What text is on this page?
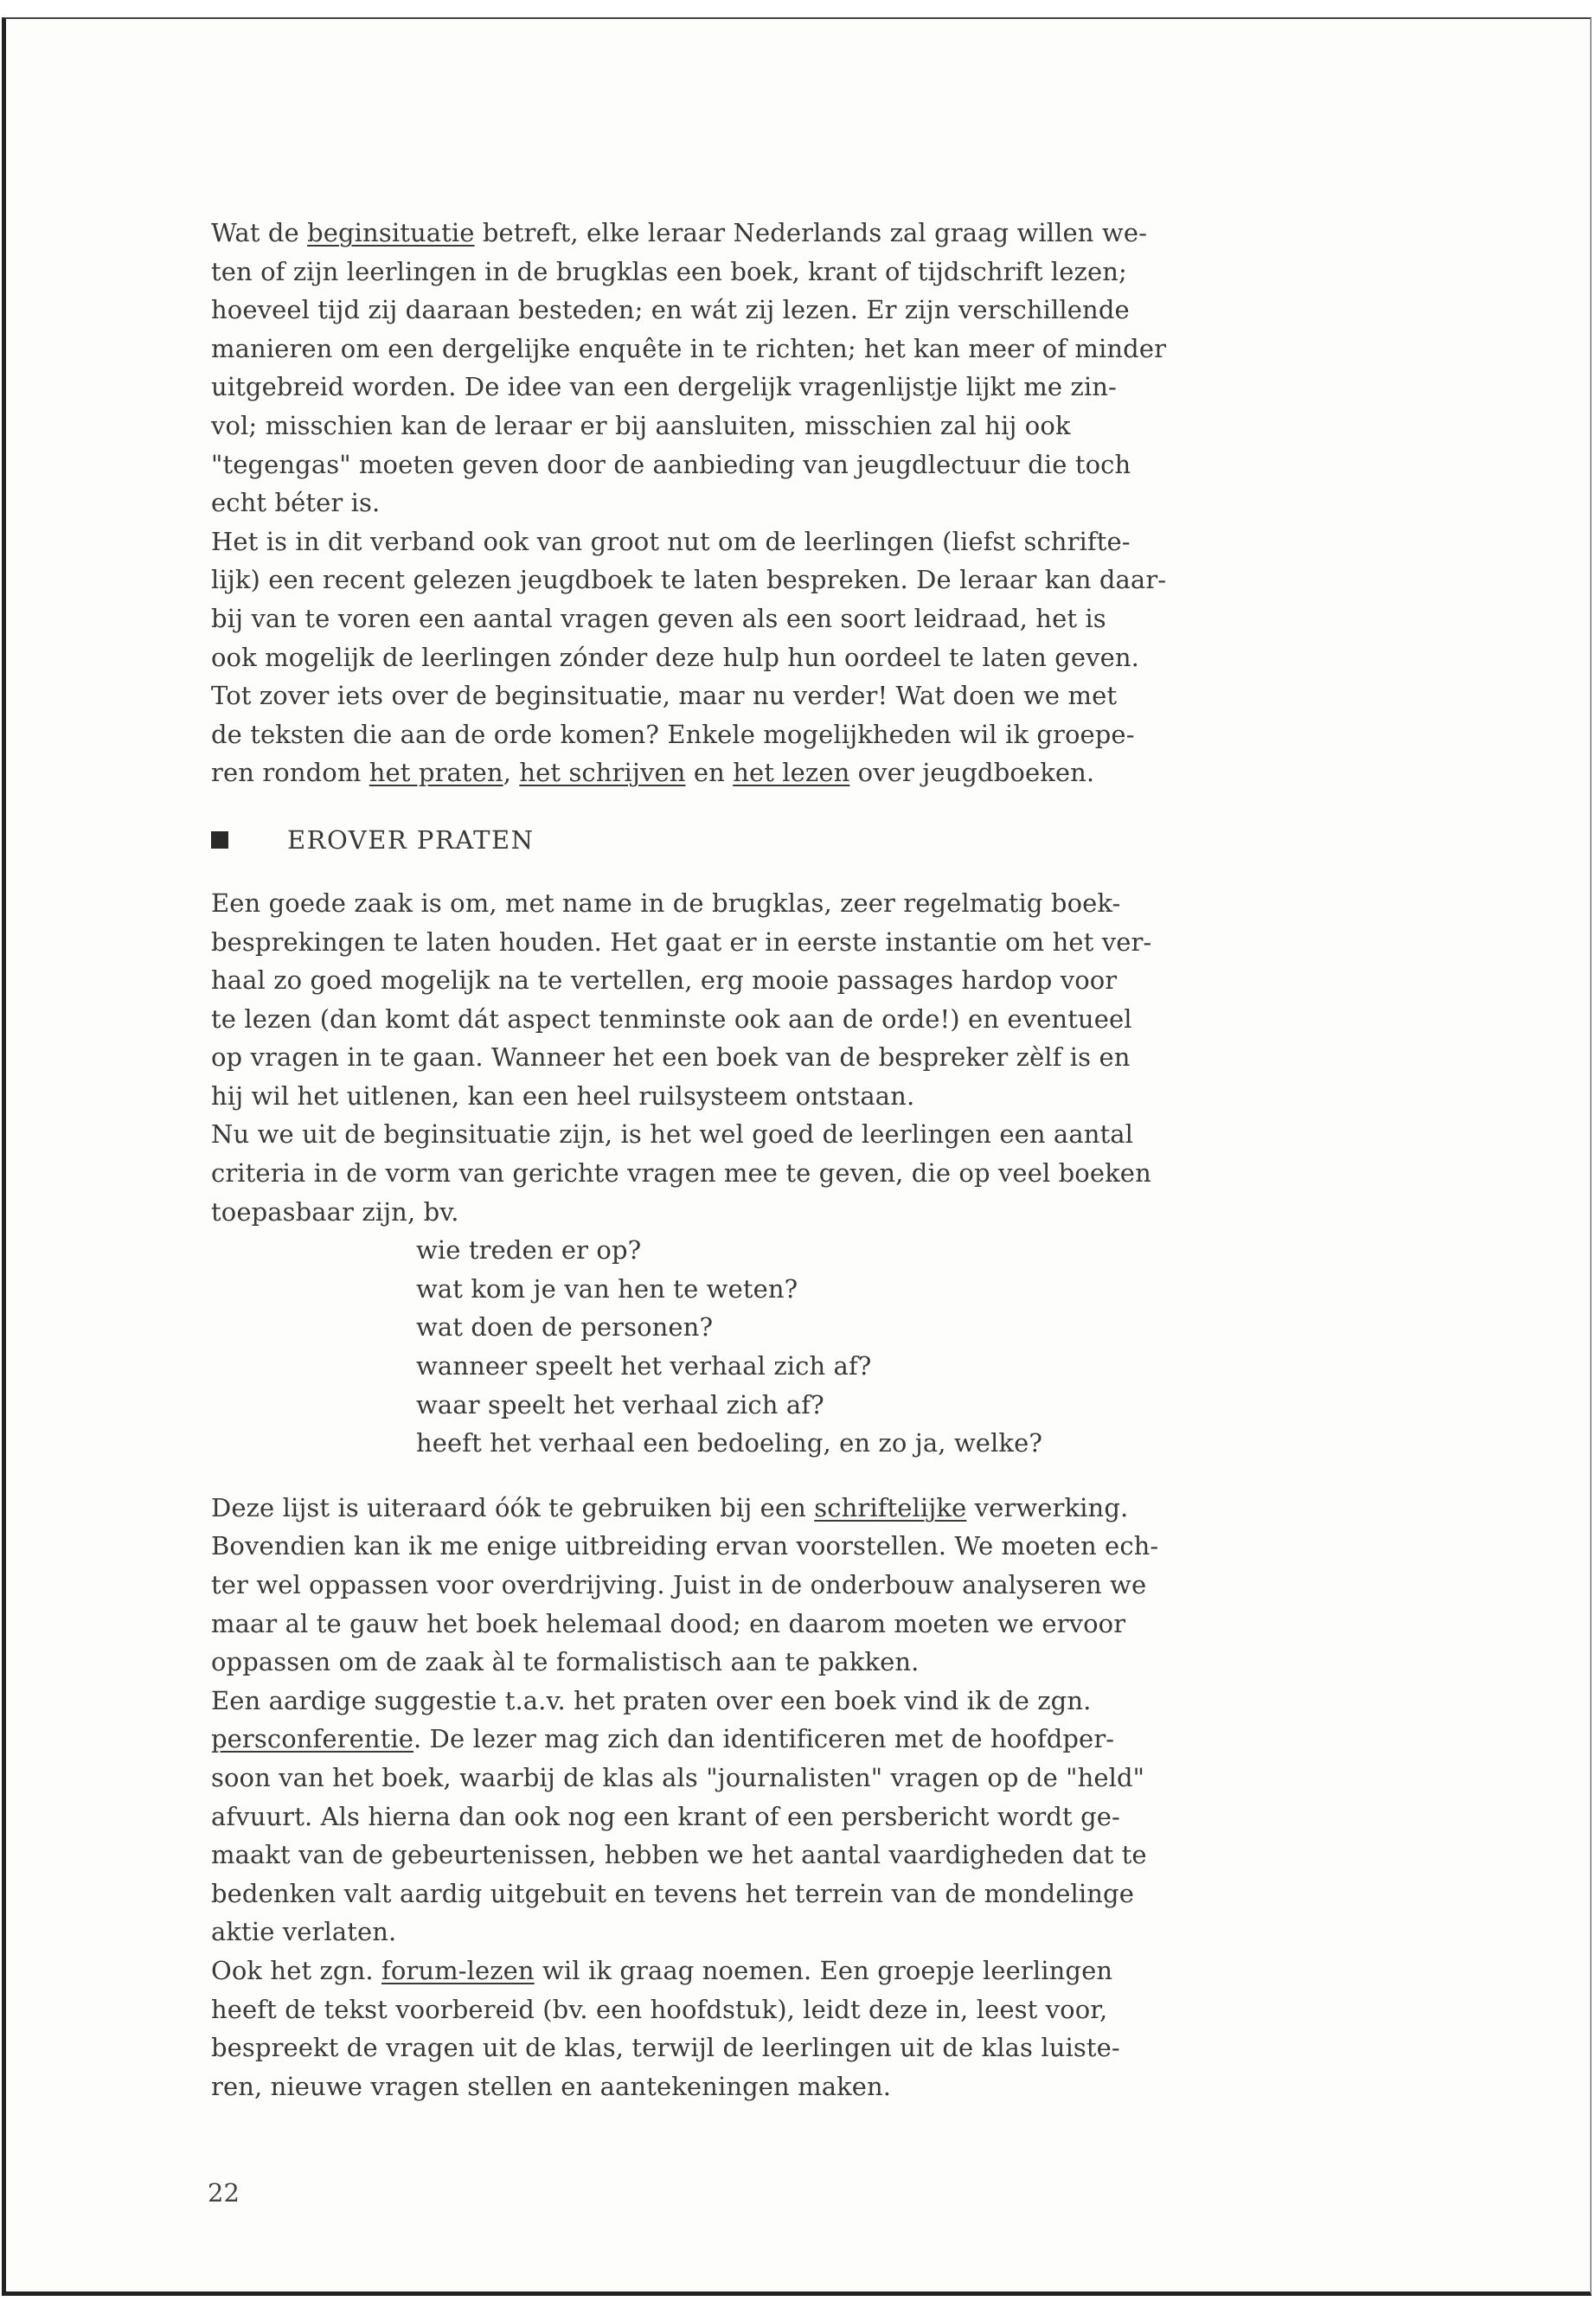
Wat de beginsituatie betreft, elke leraar Nederlands zal graag willen we-
ten of zijn leerlingen in de brugklas een boek, krant of tijdschrift lezen;
hoeveel tijd zij daaraan besteden; en wát zij lezen. Er zijn verschillende
manieren om een dergelijke enquête in te richten; het kan meer of minder
uitgebreid worden. De idee van een dergelijk vragenlijstje lijkt me zin-
vol; misschien kan de leraar er bij aansluiten, misschien zal hij ook
"tegengas" moeten geven door de aanbieding van jeugdlectuur die toch
echt béter is.
Het is in dit verband ook van groot nut om de leerlingen (liefst schrifte-
lijk) een recent gelezen jeugdboek te laten bespreken. De leraar kan daar-
bij van te voren een aantal vragen geven als een soort leidraad, het is
ook mogelijk de leerlingen zónder deze hulp hun oordeel te laten geven.
Tot zover iets over de beginsituatie, maar nu verder! Wat doen we met
de teksten die aan de orde komen? Enkele mogelijkheden wil ik groepe-
ren rondom het praten, het schrijven en het lezen over jeugdboeken.

EROVER PRATEN

Een goede zaak is om, met name in de brugklas, zeer regelmatig boek-
besprekingen te laten houden. Het gaat er in eerste instantie om het ver-
haal zo goed mogelijk na te vertellen, erg mooie passages hardop voor
te lezen (dan komt dát aspect tenminste ook aan de orde!) en eventueel
op vragen in te gaan. Wanneer het een boek van de bespreker zèlf is en
hij wil het uitlenen, kan een heel ruilsysteem ontstaan.
Nu we uit de beginsituatie zijn, is het wel goed de leerlingen een aantal
criteria in de vorm van gerichte vragen mee te geven, die op veel boeken
toepasbaar zijn, bv.

wie treden er op?
wat kom je van hen te weten?
wat doen de personen?
wanneer speelt het verhaal zich af?
waar speelt het verhaal zich af?
heeft het verhaal een bedoeling, en zo ja, welke?

Deze lijst is uiteraard óók te gebruiken bij een schriftelijke verwerking.
Bovendien kan ik me enige uitbreiding ervan voorstellen. We moeten ech-
ter wel oppassen voor overdrijving. Juist in de onderbouw analyseren we
maar al te gauw het boek helemaal dood; en daarom moeten we ervoor
oppassen om de zaak àl te formalistisch aan te pakken.
Een aardige suggestie t.a.v. het praten over een boek vind ik de zgn.
persconferentie. De lezer mag zich dan identificeren met de hoofdper-
soon van het boek, waarbij de klas als "journalisten" vragen op de "held"
afvuurt. Als hierna dan ook nog een krant of een persbericht wordt ge-
maakt van de gebeurtenissen, hebben we het aantal vaardigheden dat te
bedenken valt aardig uitgebuit en tevens het terrein van de mondelinge
aktie verlaten.
Ook het zgn. forum-lezen wil ik graag noemen. Een groepje leerlingen
heeft de tekst voorbereid (bv. een hoofdstuk), leidt deze in, leest voor,
bespreekt de vragen uit de klas, terwijl de leerlingen uit de klas luiste-
ren, nieuwe vragen stellen en aantekeningen maken.

22
